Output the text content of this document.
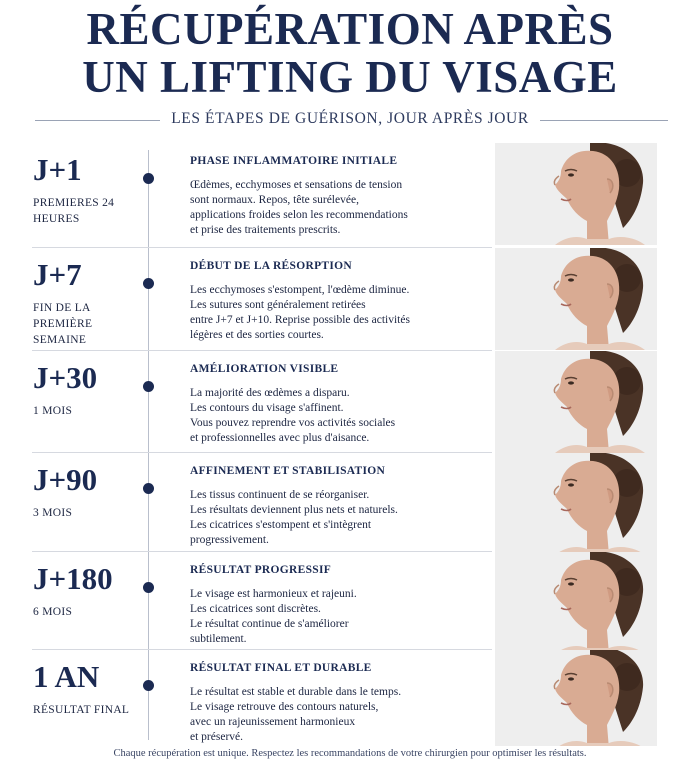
RÉCUPÉRATION APRÈS
UN LIFTING DU VISAGE
LES ÉTAPES DE GUÉRISON, JOUR APRÈS JOUR
J+1
PREMIERES 24 HEURES
PHASE INFLAMMATOIRE INITIALE

Œdèmes, ecchymoses et sensations de tension
sont normaux. Repos, tête surélevée,
applications froides selon les recommendations
et prise des traitements prescrits.

J+7
FIN DE LA PREMIÈRE SEMAINE
DÉBUT DE LA RÉSORPTION

Les ecchymoses s'estompent, l'œdème diminue.
Les sutures sont généralement retirées
entre J+7 et J+10. Reprise possible des activités
légères et des sorties courtes.

J+30
1 MOIS
AMÉLIORATION VISIBLE

La majorité des œdèmes a disparu.
Les contours du visage s'affinent.
Vous pouvez reprendre vos activités sociales
et professionnelles avec plus d'aisance.

J+90
3 MOIS
AFFINEMENT ET STABILISATION

Les tissus continuent de se réorganiser.
Les résultats deviennent plus nets et naturels.
Les cicatrices s'estompent et s'intègrent
progressivement.

J+180
6 MOIS
RÉSULTAT PROGRESSIF

Le visage est harmonieux et rajeuni.
Les cicatrices sont discrètes.
Le résultat continue de s'améliorer
subtilement.

1 AN
RÉSULTAT FINAL
RÉSULTAT FINAL ET DURABLE

Le résultat est stable et durable dans le temps.
Le visage retrouve des contours naturels,
avec un rajeunissement harmonieux
et préservé.

Chaque récupération est unique. Respectez les recommandations de votre chirurgien pour optimiser les résultats.
